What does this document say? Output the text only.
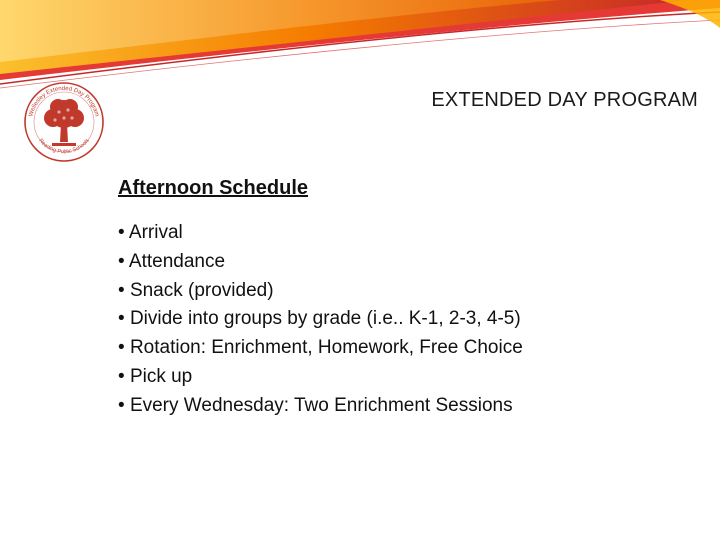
Wellesley Extended Day Program
Reading Public Schools
EXTENDED DAY PROGRAM
Afternoon Schedule
• Arrival
• Attendance
• Snack (provided)
• Divide into groups by grade (i.e.. K-1, 2-3, 4-5)
• Rotation: Enrichment, Homework, Free Choice
• Pick up
• Every Wednesday: Two Enrichment Sessions
